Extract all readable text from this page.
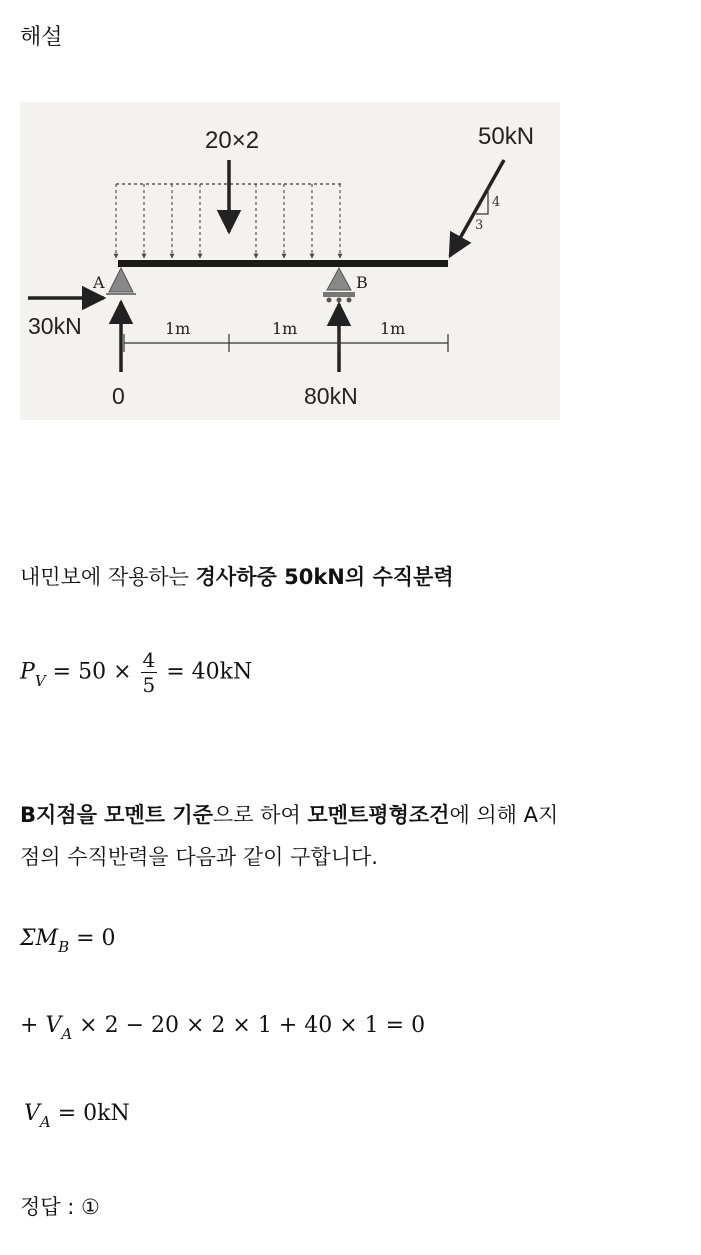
해설
20×2	50kN
4
3
A	B
30kN
0	80kN
1m	1m	1m
내민보에 작용하는 경사하중 50kN의 수직분력
$P_V = 50 \times \frac{4}{5} = 40kN$
B지점을 모멘트 기준으로 하여 모멘트평형조건에 의해 A지
점의 수직반력을 다음과 같이 구합니다.
$\Sigma M_B = 0$
+ $V_A \times 2 - 20 \times 2 \times 1 + 40 \times 1 = 0$
$V_A = 0kN$
정답 : ①
